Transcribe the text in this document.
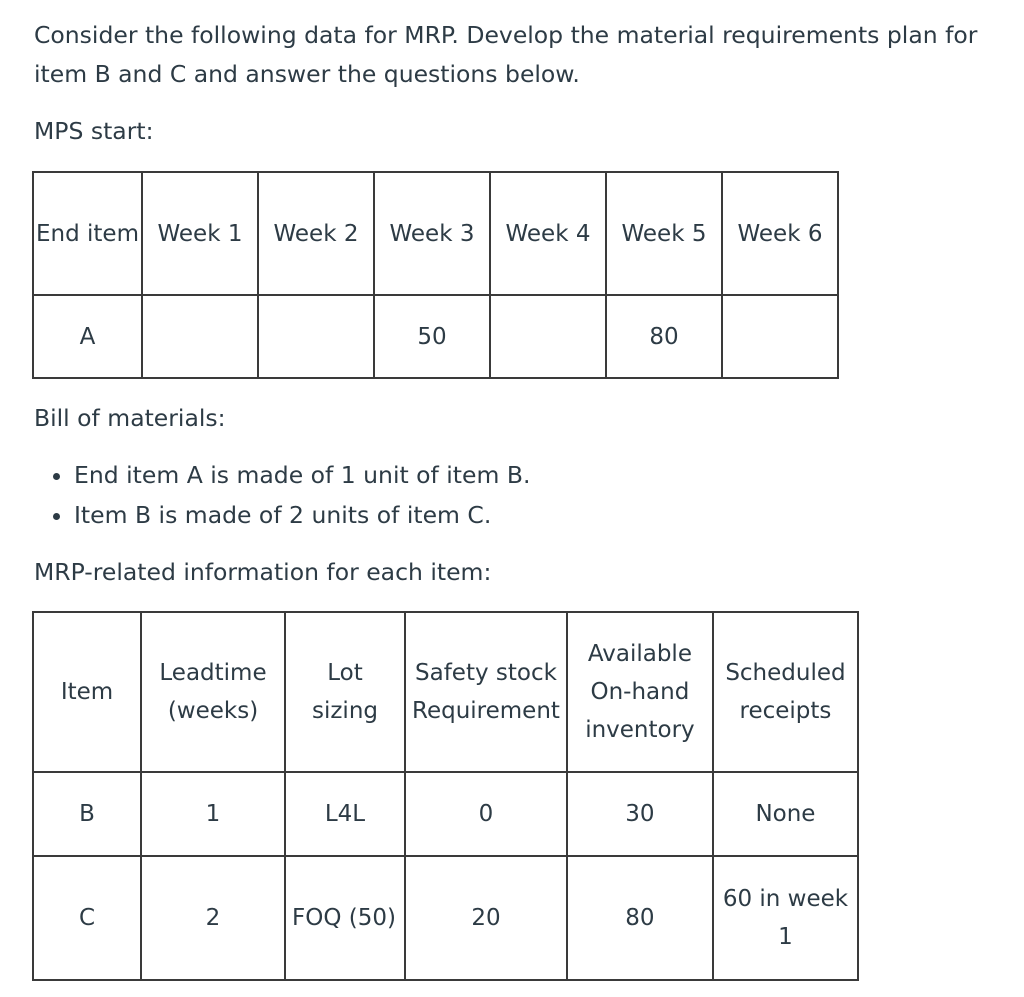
Consider the following data for MRP. Develop the material requirements plan for item B and C and answer the questions below.

MPS start:

End item	Week 1	Week 2	Week 3	Week 4	Week 5	Week 6
A			50		80	

Bill of materials:

• End item A is made of 1 unit of item B.
• Item B is made of 2 units of item C.

MRP-related information for each item:

Item	Leadtime (weeks)	Lot sizing	Safety stock Requirement	Available On-hand inventory	Scheduled receipts
B	1	L4L	0	30	None
C	2	FOQ (50)	20	80	60 in week 1
